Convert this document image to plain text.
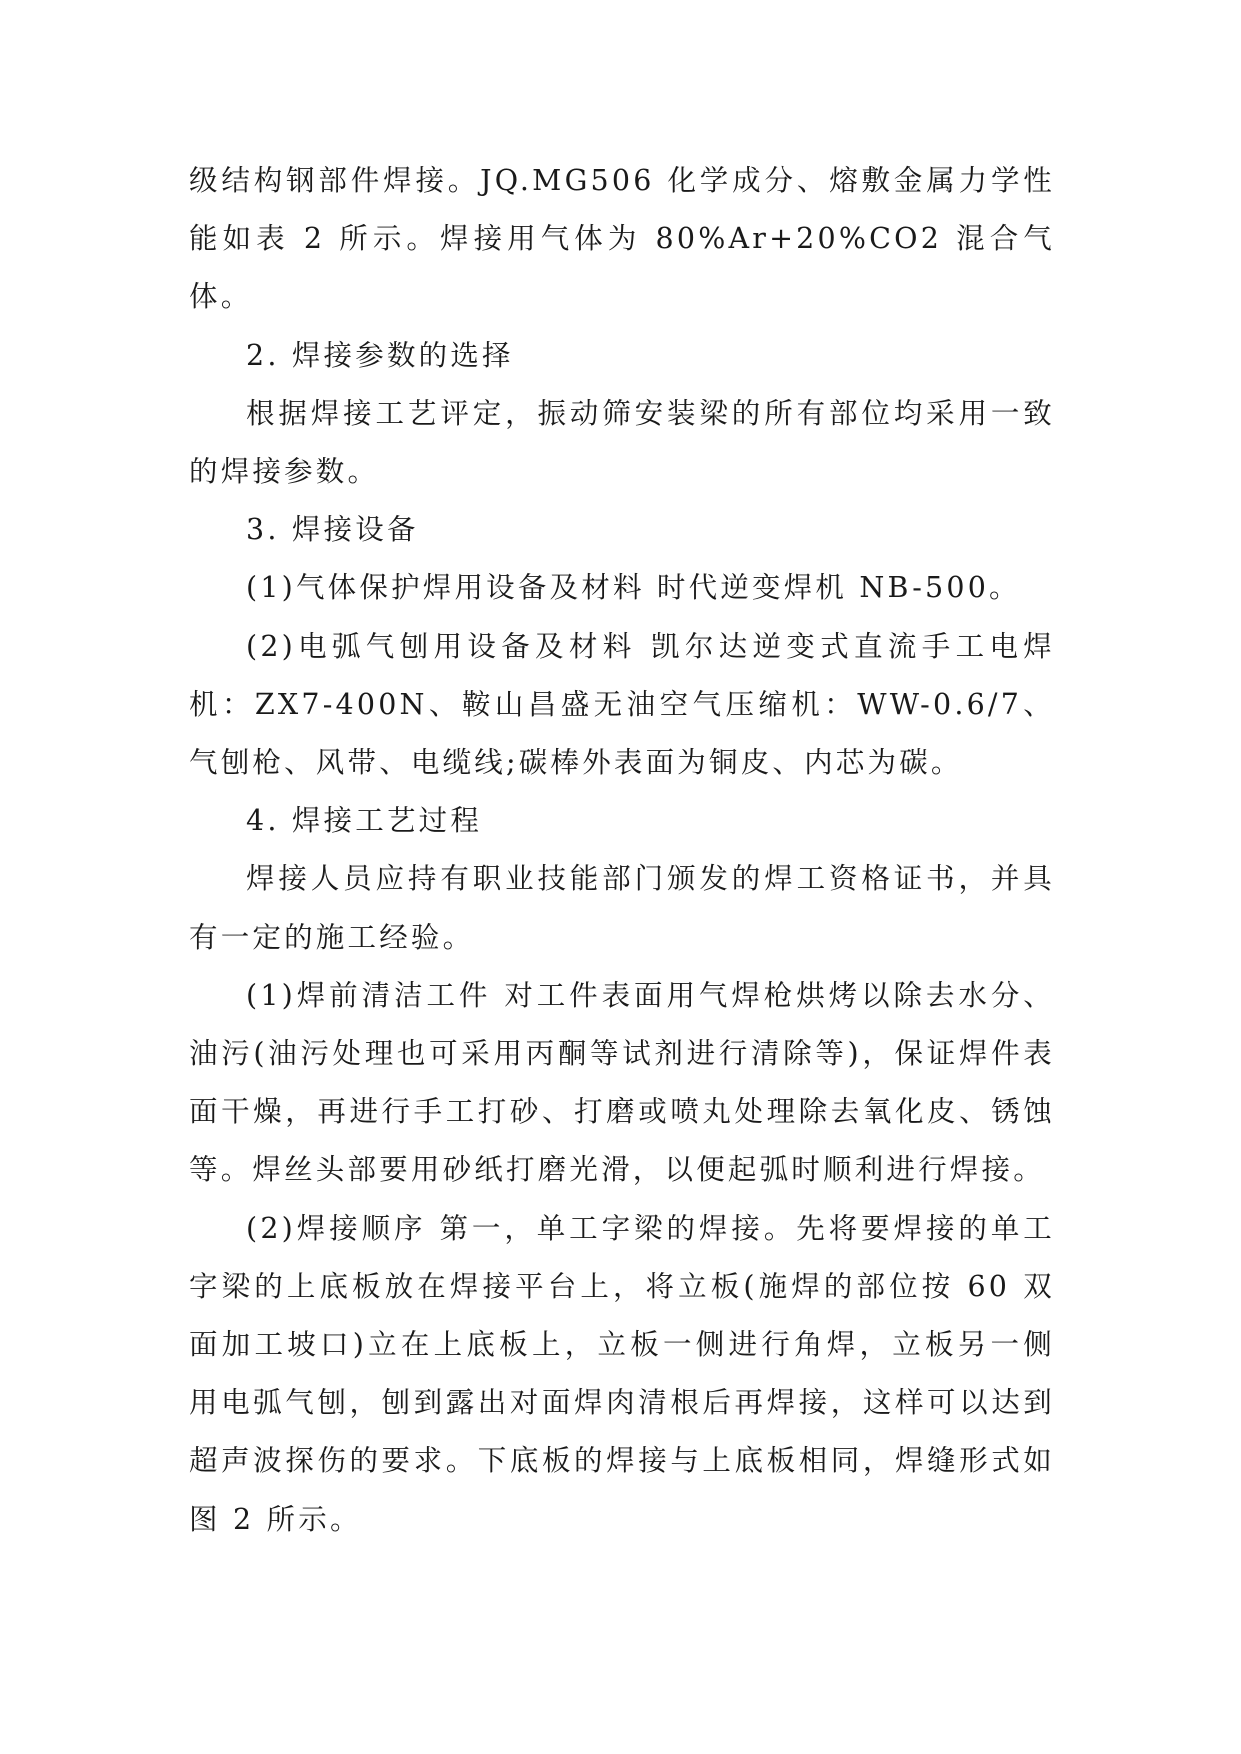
级结构钢部件焊接。JQ.MG506 化学成分、熔敷金属力学性能如表 2 所示。焊接用气体为 80%Ar+20%CO2 混合气体。

2. 焊接参数的选择

根据焊接工艺评定，振动筛安装梁的所有部位均采用一致的焊接参数。

3. 焊接设备

(1)气体保护焊用设备及材料 时代逆变焊机 NB-500。

(2)电弧气刨用设备及材料 凯尔达逆变式直流手工电焊机：ZX7-400N、鞍山昌盛无油空气压缩机：WW-0.6/7、气刨枪、风带、电缆线;碳棒外表面为铜皮、内芯为碳。

4. 焊接工艺过程

焊接人员应持有职业技能部门颁发的焊工资格证书，并具有一定的施工经验。

(1)焊前清洁工件 对工件表面用气焊枪烘烤以除去水分、油污(油污处理也可采用丙酮等试剂进行清除等)，保证焊件表面干燥，再进行手工打砂、打磨或喷丸处理除去氧化皮、锈蚀等。焊丝头部要用砂纸打磨光滑，以便起弧时顺利进行焊接。

(2)焊接顺序 第一，单工字梁的焊接。先将要焊接的单工字梁的上底板放在焊接平台上，将立板(施焊的部位按 60 双面加工坡口)立在上底板上，立板一侧进行角焊，立板另一侧用电弧气刨，刨到露出对面焊肉清根后再焊接，这样可以达到超声波探伤的要求。下底板的焊接与上底板相同，焊缝形式如图 2 所示。
